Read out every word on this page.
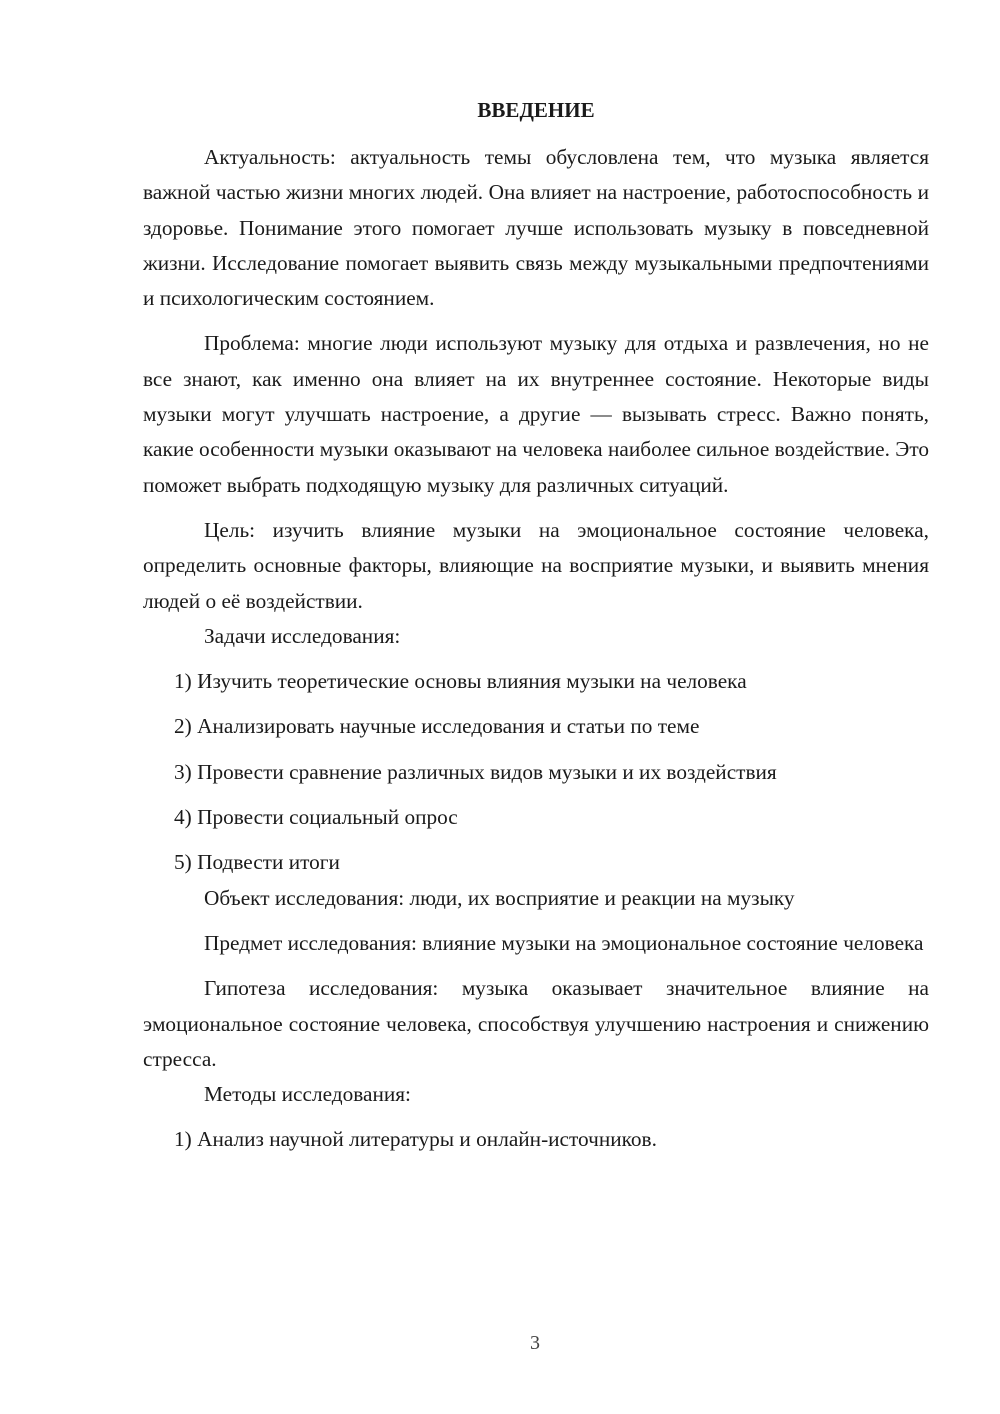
ВВЕДЕНИЕ

Актуальность: актуальность темы обусловлена тем, что музыка является важной частью жизни многих людей. Она влияет на настроение, работоспособность и здоровье. Понимание этого помогает лучше использовать музыку в повседневной жизни. Исследование помогает выявить связь между музыкальными предпочтениями и психологическим состоянием.

Проблема: многие люди используют музыку для отдыха и развлечения, но не все знают, как именно она влияет на их внутреннее состояние. Некоторые виды музыки могут улучшать настроение, а другие — вызывать стресс. Важно понять, какие особенности музыки оказывают на человека наиболее сильное воздействие. Это поможет выбрать подходящую музыку для различных ситуаций.

Цель: изучить влияние музыки на эмоциональное состояние человека, определить основные факторы, влияющие на восприятие музыки, и выявить мнения людей о её воздействии.

Задачи исследования:

1) Изучить теоретические основы влияния музыки на человека

2) Анализировать научные исследования и статьи по теме

3) Провести сравнение различных видов музыки и их воздействия

4) Провести социальный опрос

5) Подвести итоги

Объект исследования: люди, их восприятие и реакции на музыку

Предмет исследования: влияние музыки на эмоциональное состояние человека

Гипотеза исследования: музыка оказывает значительное влияние на эмоциональное состояние человека, способствуя улучшению настроения и снижению стресса.

Методы исследования:

1) Анализ научной литературы и онлайн-источников.

3
